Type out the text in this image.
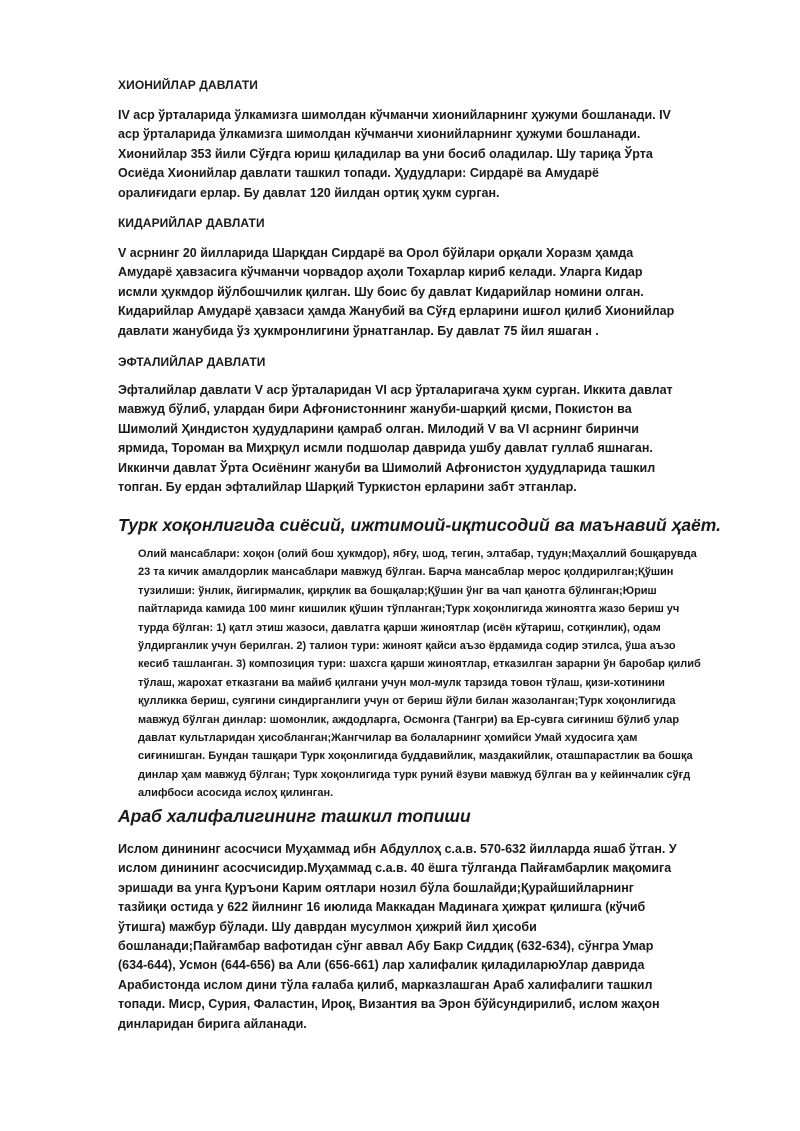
ХИОНИЙЛАР ДАВЛАТИ

IV аср ўрталарида ўлкамизга шимолдан кўчманчи хионийларнинг ҳужуми бошланади. IV аср ўрталарида ўлкамизга шимолдан кўчманчи хионийларнинг ҳужуми бошланади. Хионийлар 353 йили Сўғдга юриш қиладилар ва уни босиб оладилар. Шу тариқа Ўрта Осиёда Хионийлар давлати ташкил топади. Ҳудудлари: Сирдарё ва Амударё оралиғидаги ерлар. Бу давлат 120 йилдан ортиқ ҳукм сурган.

КИДАРИЙЛАР ДАВЛАТИ

V асрнинг 20 йилларида Шарқдан Сирдарё ва Орол бўйлари орқали Хоразм ҳамда Амударё ҳавзасига кўчманчи чорвадор аҳоли Тохарлар кириб келади. Уларга Кидар исмли ҳукмдор йўлбошчилик қилган. Шу боис бу давлат Кидарийлар номини олган. Кидарийлар Амударё ҳавзаси ҳамда Жанубий ва Сўғд ерларини ишғол қилиб Хионийлар давлати жанубида ўз ҳукмронлигини ўрнатганлар. Бу давлат 75 йил яшаган .

ЭФТАЛИЙЛАР ДАВЛАТИ

Эфталийлар давлати V аср ўрталаридан VI аср ўрталаригача ҳукм сурган. Иккита давлат мавжуд бўлиб, улардан бири Афғонистоннинг жануби-шарқий қисми, Покистон ва Шимолий Ҳиндистон ҳудудларини қамраб олган. Милодий V ва VI асрнинг биринчи ярмида, Тороман ва Миҳрқул исмли подшолар даврида ушбу давлат гуллаб яшнаган. Иккинчи давлат Ўрта Осиёнинг жануби ва Шимолий Афғонистон ҳудудларида ташкил топган. Бу ердан эфталийлар Шарқий Туркистон ерларини забт этганлар.

Турк хоқонлигида сиёсий, ижтимоий-иқтисодий ва маънавий ҳаёт.

Олий мансаблари: хоқон (олий бош ҳукмдор), ябғу, шод, тегин, элтабар, тудун;Маҳаллий бошқарувда 23 та кичик амалдорлик мансаблари мавжуд бўлган. Барча мансаблар мерос қолдирилган;Қўшин тузилиши: ўнлик, йигирмалик, қирқлик ва бошқалар;Қўшин ўнг ва чап қанотга бўлинган;Юриш пайтларида камида 100 минг кишилик қўшин тўпланган;Турк хоқонлигида жиноятга жазо бериш уч турда бўлган: 1) қатл этиш жазоси, давлатга қарши жиноятлар (исён кўтариш, сотқинлик), одам ўлдирганлик учун берилган. 2) талион тури: жиноят қайси аъзо ёрдамида содир этилса, ўша аъзо кесиб ташланган. 3) композиция тури: шахсга қарши жиноятлар, етказилган зарарни ўн баробар қилиб тўлаш, жарохат етказгани ва майиб қилгани учун мол-мулк тарзида товон тўлаш, қизи-хотинини қулликка бериш, суягини синдирганлиги учун от бериш йўли билан жазоланган;Турк хоқонлигида мавжуд бўлган динлар: шомонлик, аждодларга, Осмонга (Тангри) ва Ер-сувга сиғиниш бўлиб улар давлат культларидан ҳисобланган;Жангчилар ва болаларнинг ҳомийси Умай худосига ҳам сиғинишган. Бундан ташқари Турк хоқонлигида буддавийлик, маздакийлик, оташпарастлик ва бошқа динлар ҳам мавжуд бўлган; Турк хоқонлигида турк руний ёзуви мавжуд бўлган ва у кейинчалик сўғд алифбоси асосида ислоҳ қилинган.

Араб халифалигининг ташкил топиши

Ислом динининг асосчиси Муҳаммад ибн Абдуллоҳ с.а.в. 570-632 йилларда яшаб ўтган. У ислом динининг асосчисидир.Муҳаммад с.а.в. 40 ёшга тўлганда Пайғамбарлик мақомига эришади ва унга Қуръони Карим оятлари нозил бўла бошлайди;Қурайшийларнинг тазйиқи остида у 622 йилнинг 16 июлида Маккадан Мадинага ҳижрат қилишга (кўчиб ўтишга) мажбур бўлади. Шу даврдан мусулмон ҳижрий йил ҳисоби бошланади;Пайғамбар вафотидан сўнг аввал Абу Бакр Сиддиқ (632-634), сўнгра Умар (634-644), Усмон (644-656) ва Али (656-661) лар халифалик қиладиларюУлар даврида Арабистонда ислом дини тўла ғалаба қилиб, марказлашган Араб халифалиги ташкил топади. Миср, Сурия, Фаластин, Ироқ, Византия ва Эрон бўйсундирилиб, ислом жаҳон динларидан бирига айланади.
